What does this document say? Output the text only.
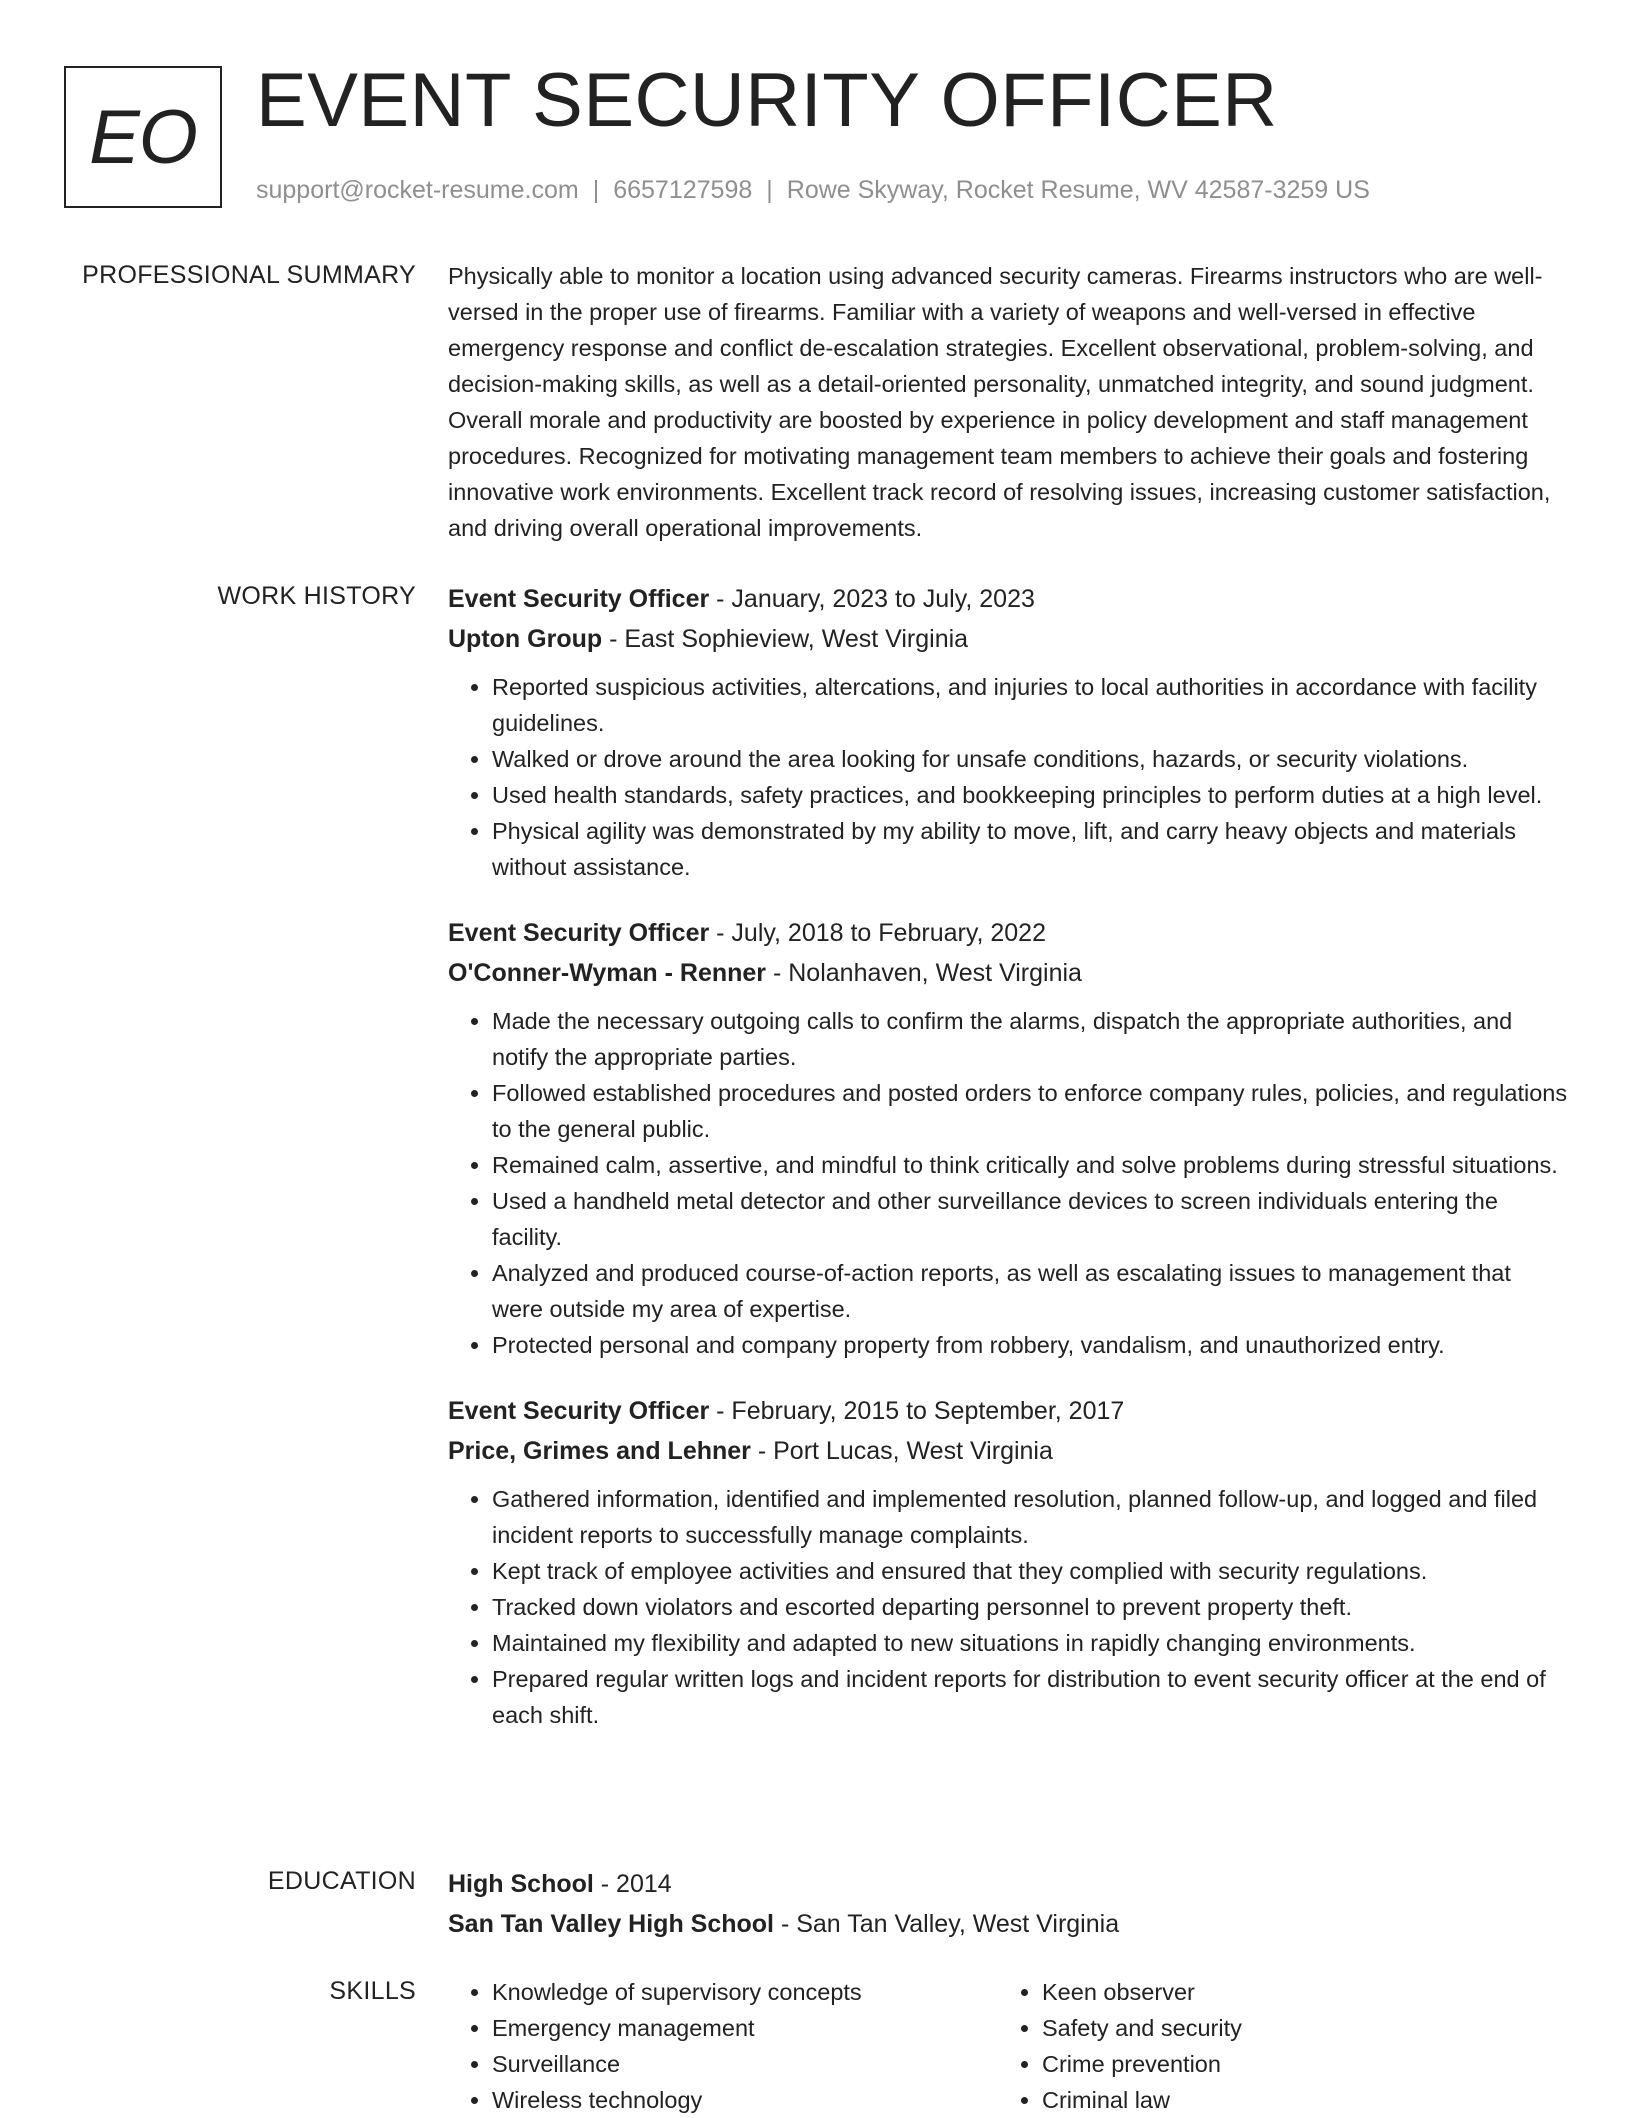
EO EVENT SECURITY OFFICER
support@rocket-resume.com | 6657127598 | Rowe Skyway, Rocket Resume, WV 42587-3259 US
PROFESSIONAL SUMMARY Physically able to monitor a location using advanced security cameras. Firearms instructors who are well-versed in the proper use of firearms. Familiar with a variety of weapons and well-versed in effective emergency response and conflict de-escalation strategies. Excellent observational, problem-solving, and decision-making skills, as well as a detail-oriented personality, unmatched integrity, and sound judgment. Overall morale and productivity are boosted by experience in policy development and staff management procedures. Recognized for motivating management team members to achieve their goals and fostering innovative work environments. Excellent track record of resolving issues, increasing customer satisfaction, and driving overall operational improvements.
WORK HISTORY Event Security Officer - January, 2023 to July, 2023
Upton Group - East Sophieview, West Virginia
• Reported suspicious activities, altercations, and injuries to local authorities in accordance with facility guidelines.
• Walked or drove around the area looking for unsafe conditions, hazards, or security violations.
• Used health standards, safety practices, and bookkeeping principles to perform duties at a high level.
• Physical agility was demonstrated by my ability to move, lift, and carry heavy objects and materials without assistance.
Event Security Officer - July, 2018 to February, 2022
O'Conner-Wyman - Renner - Nolanhaven, West Virginia
• Made the necessary outgoing calls to confirm the alarms, dispatch the appropriate authorities, and notify the appropriate parties.
• Followed established procedures and posted orders to enforce company rules, policies, and regulations to the general public.
• Remained calm, assertive, and mindful to think critically and solve problems during stressful situations.
• Used a handheld metal detector and other surveillance devices to screen individuals entering the facility.
• Analyzed and produced course-of-action reports, as well as escalating issues to management that were outside my area of expertise.
• Protected personal and company property from robbery, vandalism, and unauthorized entry.
Event Security Officer - February, 2015 to September, 2017
Price, Grimes and Lehner - Port Lucas, West Virginia
• Gathered information, identified and implemented resolution, planned follow-up, and logged and filed incident reports to successfully manage complaints.
• Kept track of employee activities and ensured that they complied with security regulations.
• Tracked down violators and escorted departing personnel to prevent property theft.
• Maintained my flexibility and adapted to new situations in rapidly changing environments.
• Prepared regular written logs and incident reports for distribution to event security officer at the end of each shift.
EDUCATION High School - 2014
San Tan Valley High School - San Tan Valley, West Virginia
SKILLS
•	Knowledge of supervisory concepts
• Emergency management
• Surveillance
• Wireless technology
• Keen observer
• Safety and security
• Crime prevention
• Criminal law
